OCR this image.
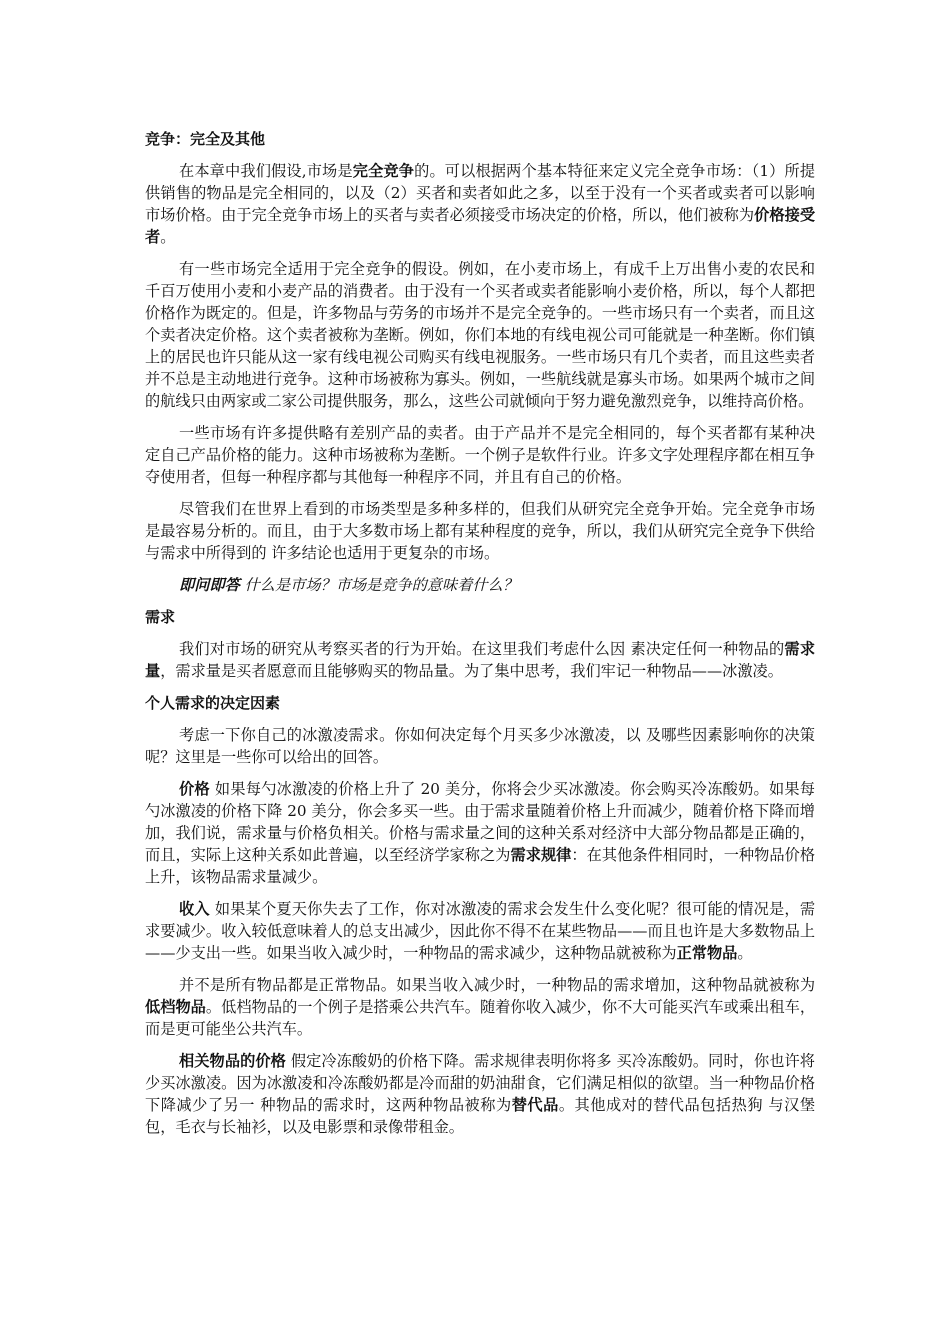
竞争：完全及其他

在本章中我们假设,市场是完全竞争的。可以根据两个基本特征来定义完全竞争市场：（1）所提供销售的物品是完全相同的，以及（2）买者和卖者如此之多，以至于没有一个买者或卖者可以影响市场价格。由于完全竞争市场上的买者与卖者必须接受市场决定的价格，所以，他们被称为价格接受者。

有一些市场完全适用于完全竞争的假设。例如，在小麦市场上，有成千上万出售小麦的农民和千百万使用小麦和小麦产品的消费者。由于没有一个买者或卖者能影响小麦价格，所以，每个人都把价格作为既定的。但是，许多物品与劳务的市场并不是完全竞争的。一些市场只有一个卖者，而且这个卖者决定价格。这个卖者被称为垄断。例如，你们本地的有线电视公司可能就是一种垄断。你们镇上的居民也许只能从这一家有线电视公司购买有线电视服务。一些市场只有几个卖者，而且这些卖者并不总是主动地进行竞争。这种市场被称为寡头。例如，一些航线就是寡头市场。如果两个城市之间的航线只由两家或二家公司提供服务，那么，这些公司就倾向于努力避免激烈竞争，以维持高价格。

一些市场有许多提供略有差别产品的卖者。由于产品并不是完全相同的，每个买者都有某种决定自己产品价格的能力。这种市场被称为垄断。一个例子是软件行业。许多文字处理程序都在相互争夺使用者，但每一种程序都与其他每一种程序不同，并且有自己的价格。

尽管我们在世界上看到的市场类型是多种多样的，但我们从研究完全竞争开始。完全竞争市场是最容易分析的。而且，由于大多数市场上都有某种程度的竞争，所以，我们从研究完全竞争下供给与需求中所得到的 许多结论也适用于更复杂的市场。

即问即答 什么是市场？市场是竞争的意味着什么？

需求

我们对市场的研究从考察买者的行为开始。在这里我们考虑什么因 素决定任何一种物品的需求量，需求量是买者愿意而且能够购买的物品量。为了集中思考，我们牢记一种物品——冰激凌。

个人需求的决定因素

考虑一下你自己的冰激凌需求。你如何决定每个月买多少冰激凌，以 及哪些因素影响你的决策呢？这里是一些你可以给出的回答。

价格 如果每勺冰激凌的价格上升了 20 美分，你将会少买冰激凌。你会购买冷冻酸奶。如果每勺冰激凌的价格下降 20 美分，你会多买一些。由于需求量随着价格上升而减少，随着价格下降而增加，我们说，需求量与价格负相关。价格与需求量之间的这种关系对经济中大部分物品都是正确的，而且，实际上这种关系如此普遍，以至经济学家称之为需求规律：在其他条件相同时，一种物品价格上升，该物品需求量减少。

收入 如果某个夏天你失去了工作，你对冰激凌的需求会发生什么变化呢？很可能的情况是，需求要减少。收入较低意味着人的总支出减少，因此你不得不在某些物品——而且也许是大多数物品上——少支出一些。如果当收入减少时，一种物品的需求减少，这种物品就被称为正常物品。

并不是所有物品都是正常物品。如果当收入减少时，一种物品的需求增加，这种物品就被称为低档物品。低档物品的一个例子是搭乘公共汽车。随着你收入减少，你不大可能买汽车或乘出租车，而是更可能坐公共汽车。

相关物品的价格 假定冷冻酸奶的价格下降。需求规律表明你将多 买冷冻酸奶。同时，你也许将少买冰激凌。因为冰激凌和冷冻酸奶都是冷而甜的奶油甜食，它们满足相似的欲望。当一种物品价格下降减少了另一 种物品的需求时，这两种物品被称为替代品。其他成对的替代品包括热狗 与汉堡包，毛衣与长袖衫，以及电影票和录像带租金。
